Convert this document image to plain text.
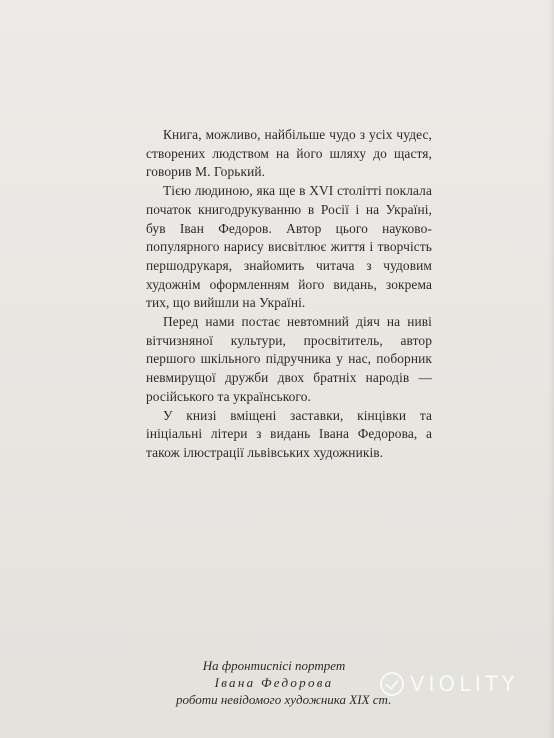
Книга, можливо, найбільше чудо з усіх чудес, створених людством на його шляху до щастя, говорив М. Горький.

Тією людиною, яка ще в XVI столітті поклала початок книгодрукуванню в Росії і на Україні, був Іван Федоров. Автор цього науково-популярного нарису висвітлює життя і творчість першодрукаря, знайомить читача з чудовим художнім оформленням його видань, зокрема тих, що вийшли на Україні.

Перед нами постає невтомний діяч на ниві вітчизняної культури, просвітитель, автор першого шкільного підручника у нас, поборник невмирущої дружби двох братніх народів — російського та українського.

У книзі вміщені заставки, кінцівки та ініціальні літери з видань Івана Федорова, а також ілюстрації львівських художників.

На фронтиспісі портрет
Івана Федорова
роботи невідомого художника XIX ст.
VIOLITY
